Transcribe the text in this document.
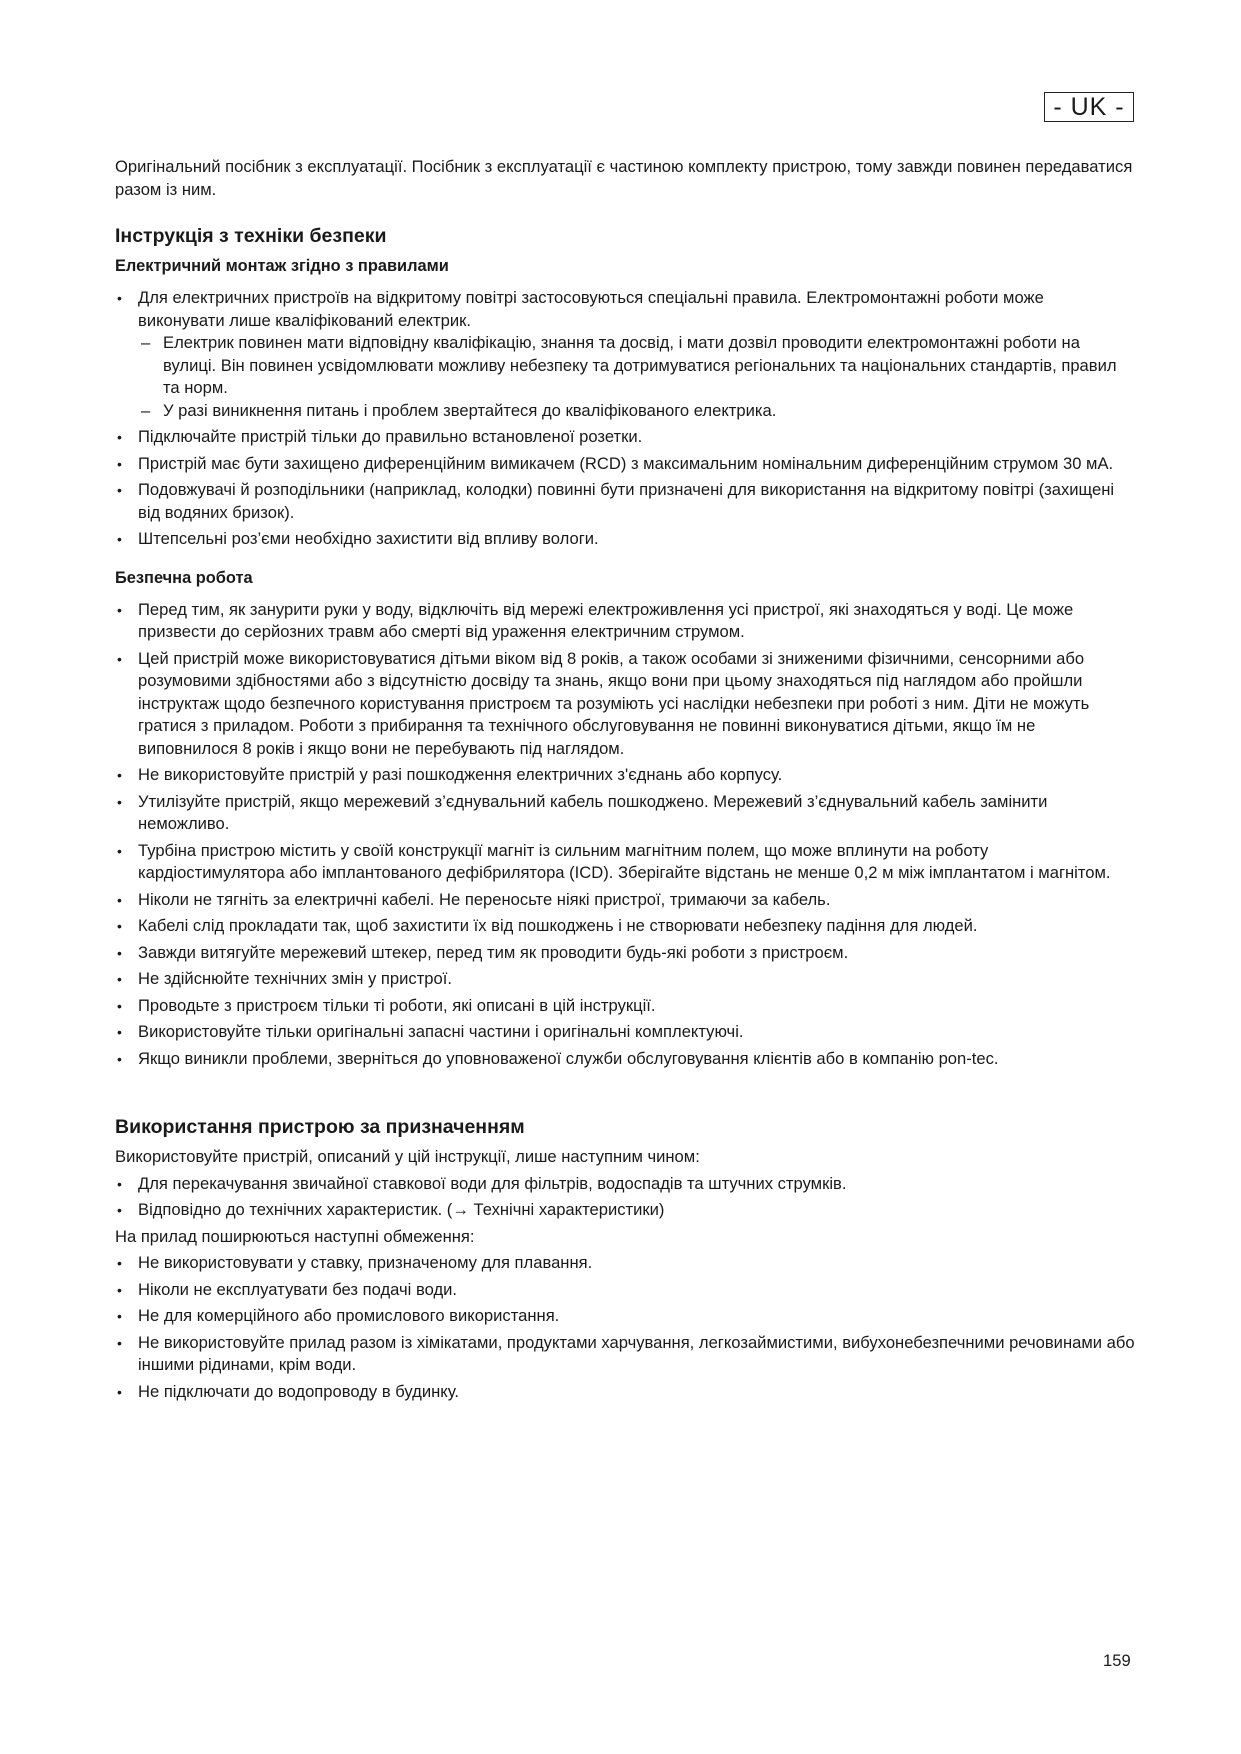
- UK -

Оригінальний посібник з експлуатації. Посібник з експлуатації є частиною комплекту пристрою, тому завжди повинен передаватися разом із ним.

Інструкція з техніки безпеки
Електричний монтаж згідно з правилами
• Для електричних пристроїв на відкритому повітрі застосовуються спеціальні правила. Електромонтажні роботи може виконувати лише кваліфікований електрик.
– Електрик повинен мати відповідну кваліфікацію, знання та досвід, і мати дозвіл проводити електромонтажні роботи на вулиці. Він повинен усвідомлювати можливу небезпеку та дотримуватися регіональних та національних стандартів, правил та норм.
– У разі виникнення питань і проблем звертайтеся до кваліфікованого електрика.
• Підключайте пристрій тільки до правильно встановленої розетки.
• Пристрій має бути захищено диференційним вимикачем (RCD) з максимальним номінальним диференційним струмом 30 мА.
• Подовжувачі й розподільники (наприклад, колодки) повинні бути призначені для використання на відкритому повітрі (захищені від водяних бризок).
• Штепсельні роз’єми необхідно захистити від впливу вологи.
Безпечна робота
• Перед тим, як занурити руки у воду, відключіть від мережі електроживлення усі пристрої, які знаходяться у воді. Це може призвести до серйозних травм або смерті від ураження електричним струмом.
• Цей пристрій може використовуватися дітьми віком від 8 років, а також особами зі зниженими фізичними, сенсорними або розумовими здібностями або з відсутністю досвіду та знань, якщо вони при цьому знаходяться під наглядом або пройшли інструктаж щодо безпечного користування пристроєм та розуміють усі наслідки небезпеки при роботі з ним. Діти не можуть гратися з приладом. Роботи з прибирання та технічного обслуговування не повинні виконуватися дітьми, якщо їм не виповнилося 8 років і якщо вони не перебувають під наглядом.
• Не використовуйте пристрій у разі пошкодження електричних з'єднань або корпусу.
• Утилізуйте пристрій, якщо мережевий з’єднувальний кабель пошкоджено. Мережевий з’єднувальний кабель замінити неможливо.
• Турбіна пристрою містить у своїй конструкції магніт із сильним магнітним полем, що може вплинути на роботу кардіостимулятора або імплантованого дефібрилятора (ICD). Зберігайте відстань не менше 0,2 м між імплантатом і магнітом.
• Ніколи не тягніть за електричні кабелі. Не переносьте ніякі пристрої, тримаючи за кабель.
• Кабелі слід прокладати так, щоб захистити їх від пошкоджень і не створювати небезпеку падіння для людей.
• Завжди витягуйте мережевий штекер, перед тим як проводити будь-які роботи з пристроєм.
• Не здійснюйте технічних змін у пристрої.
• Проводьте з пристроєм тільки ті роботи, які описані в цій інструкції.
• Використовуйте тільки оригінальні запасні частини і оригінальні комплектуючі.
• Якщо виникли проблеми, зверніться до уповноваженої служби обслуговування клієнтів або в компанію pon-tec.
Використання пристрою за призначенням

Використовуйте пристрій, описаний у цій інструкції, лише наступним чином:

• Для перекачування звичайної ставкової води для фільтрів, водоспадів та штучних струмків.
• Відповідно до технічних характеристик. (→ Технічні характеристики)

На прилад поширюються наступні обмеження:

• Не використовувати у ставку, призначеному для плавання.
• Ніколи не експлуатувати без подачі води.
• Не для комерційного або промислового використання.
• Не використовуйте прилад разом із хімікатами, продуктами харчування, легкозаймистими, вибухонебезпечними речовинами або іншими рідинами, крім води.
• Не підключати до водопроводу в будинку.
159
